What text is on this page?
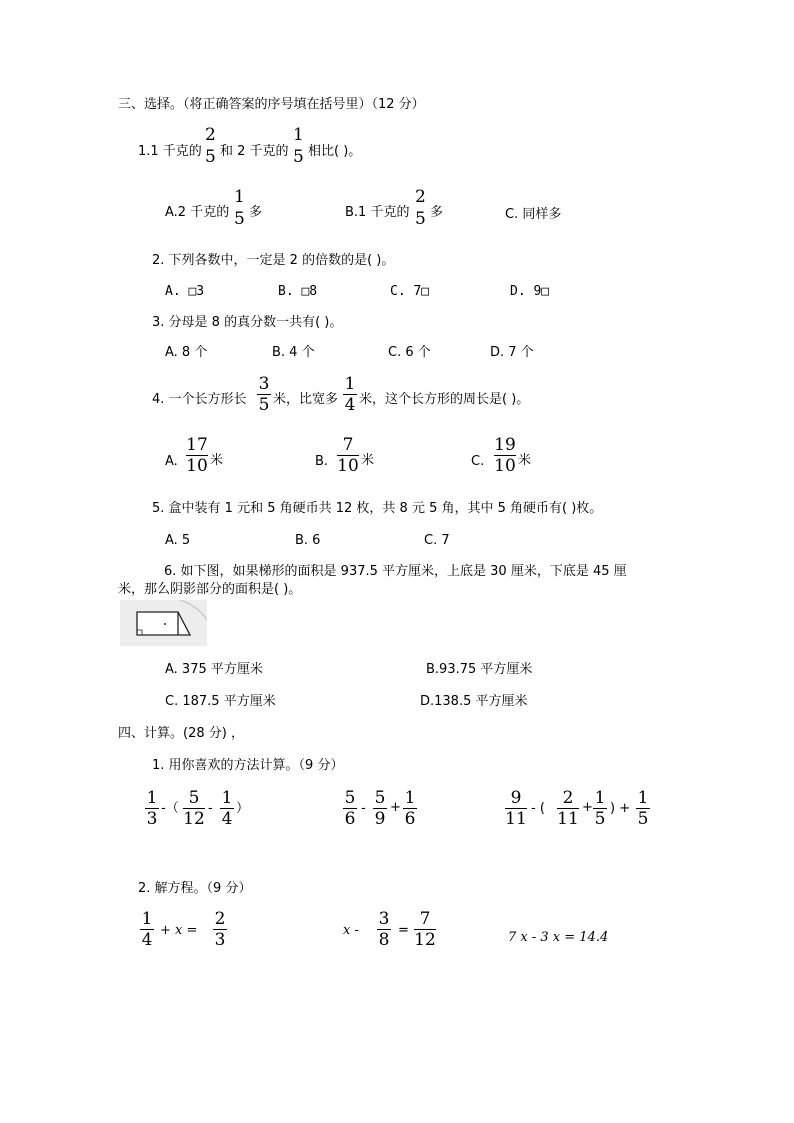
三、选择。（将正确答案的序号填在括号里）（12 分）
1.1 千克的
2
5 和 2 千克的
1
5 相比( )。
A.2 千克的
1
5 多	B.1 千克的
2
5 多	C. 同样多
2. 下列各数中，一定是 2 的倍数的是( )。
A. □3	B. □8	C. 7□	D. 9□
3. 分母是 8 的真分数一共有( )。
A. 8 个	B. 4 个	C. 6 个	D. 7 个
4. 一个长方形长
3
5 米，比宽多
1
4 米，这个长方形的周长是( )。
A.
17
10 米	B.
7
10 米	C.
19
10 米
5. 盒中装有 1 元和 5 角硬币共 12 枚，共 8 元 5 角，其中 5 角硬币有( )枚。
A. 5	B. 6	C. 7
6. 如下图，如果梯形的面积是 937.5 平方厘米，上底是 30 厘米，下底是 45 厘
米，那么阴影部分的面积是( )。
A. 375 平方厘米	B.93.75 平方厘米
C. 187.5 平方厘米	D.138.5 平方厘米
四、计算。(28 分) ，
1. 用你喜欢的方法计算。（9 分）
1
3
-（
5
12
-
1
4
）
5
6
-
5
9
+ 1
6
9
11
- (
2
11
+ 1
5
) +
1
5
2. 解方程。（9 分）
1
4 + x =
2
3	x -
3
8 =
7
12	7 x - 3 x = 14.4
